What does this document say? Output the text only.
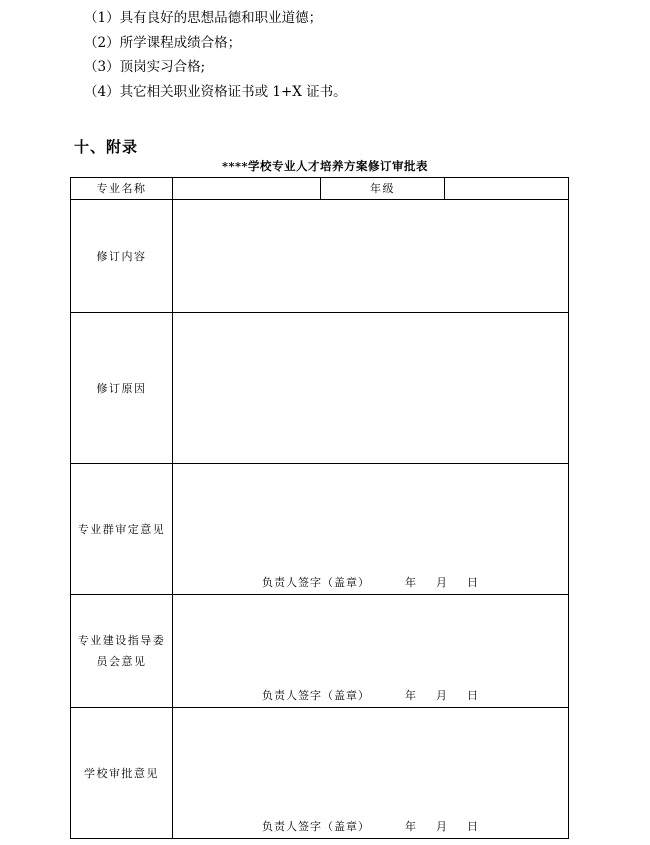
（1）具有良好的思想品德和职业道德；
（2）所学课程成绩合格；
（3）顶岗实习合格;
（4）其它相关职业资格证书或 1+X 证书。
十、附录
****学校专业人才培养方案修订审批表
专业名称		年级	
修订内容			
修订原因			
专业群审定意见	负责人签字（盖章） 年 月 日		

专业建设指导委
员会意见	负责人签字（盖章） 年 月 日		

学校审批意见	负责人签字（盖章） 年 月 日		
